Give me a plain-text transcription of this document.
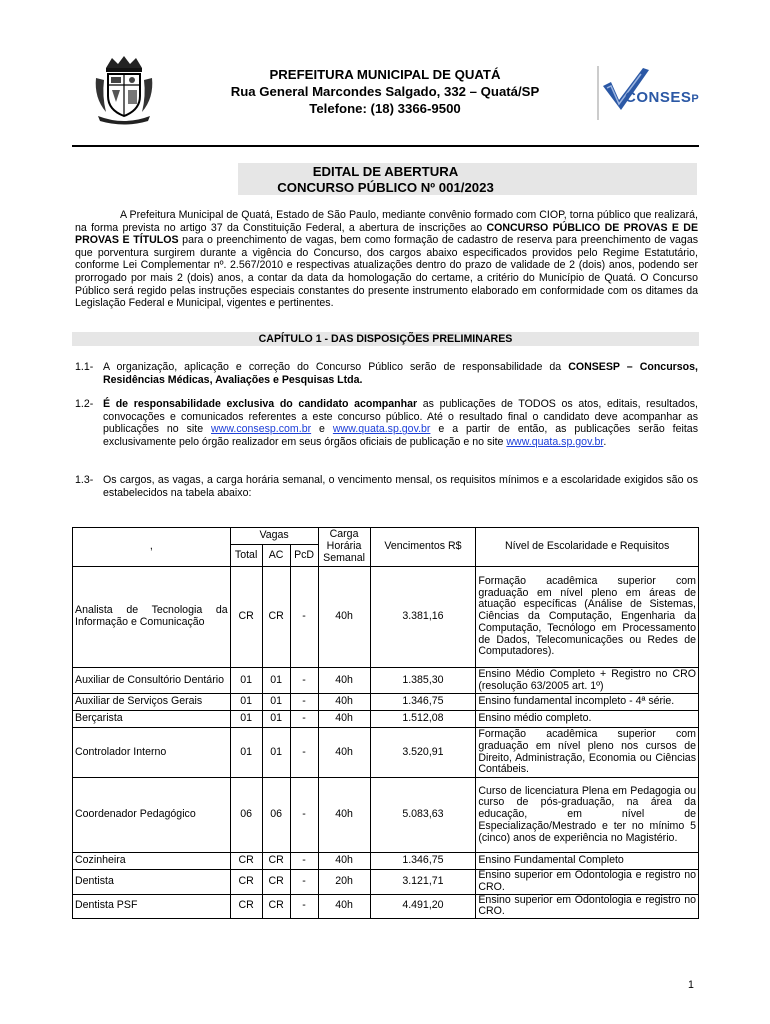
PREFEITURA MUNICIPAL DE QUATÁ
Rua General Marcondes Salgado, 332 – Quatá/SP
Telefone: (18) 3366-9500
CONSESP
EDITAL DE ABERTURA
CONCURSO PÚBLICO Nº 001/2023
A Prefeitura Municipal de Quatá, Estado de São Paulo, mediante convênio formado com CIOP, torna público que realizará, na forma prevista no artigo 37 da Constituição Federal, a abertura de inscrições ao CONCURSO PÚBLICO DE PROVAS E DE PROVAS E TÍTULOS para o preenchimento de vagas, bem como formação de cadastro de reserva para preenchimento de vagas que porventura surgirem durante a vigência do Concurso, dos cargos abaixo especificados providos pelo Regime Estatutário, conforme Lei Complementar nº. 2.567/2010 e respectivas atualizações dentro do prazo de validade de 2 (dois) anos, podendo ser prorrogado por mais 2 (dois) anos, a contar da data da homologação do certame, a critério do Município de Quatá. O Concurso Público será regido pelas instruções especiais constantes do presente instrumento elaborado em conformidade com os ditames da Legislação Federal e Municipal, vigentes e pertinentes.
CAPÍTULO 1 - DAS DISPOSIÇÕES PRELIMINARES
1.1- A organização, aplicação e correção do Concurso Público serão de responsabilidade da CONSESP – Concursos, Residências Médicas, Avaliações e Pesquisas Ltda.
1.2- É de responsabilidade exclusiva do candidato acompanhar as publicações de TODOS os atos, editais, resultados, convocações e comunicados referentes a este concurso público. Até o resultado final o candidato deve acompanhar as publicações no site www.consesp.com.br e www.quata.sp.gov.br e a partir de então, as publicações serão feitas exclusivamente pelo órgão realizador em seus órgãos oficiais de publicação e no site www.quata.sp.gov.br.
1.3- Os cargos, as vagas, a carga horária semanal, o vencimento mensal, os requisitos mínimos e a escolaridade exigidos são os estabelecidos na tabela abaixo:
,	Vagas			Carga Horária Semanal	Vencimentos R$	Nível de Escolaridade e Requisitos
	Total	AC	PcD			
Analista de Tecnologia da Informação e Comunicação	CR	CR	-	40h	3.381,16	Formação acadêmica superior com graduação em nível pleno em áreas de atuação específicas (Análise de Sistemas, Ciências da Computação, Engenharia da Computação, Tecnólogo em Processamento de Dados, Telecomunicações ou Redes de Computadores).
Auxiliar de Consultório Dentário	01	01	-	40h	1.385,30	Ensino Médio Completo + Registro no CRO (resolução 63/2005 art. 1º)
Auxiliar de Serviços Gerais	01	01	-	40h	1.346,75	Ensino fundamental incompleto - 4ª série.
Berçarista	01	01	-	40h	1.512,08	Ensino médio completo.
Controlador Interno	01	01	-	40h	3.520,91	Formação acadêmica superior com graduação em nível pleno nos cursos de Direito, Administração, Economia ou Ciências Contábeis.
Coordenador Pedagógico	06	06	-	40h	5.083,63	Curso de licenciatura Plena em Pedagogia ou curso de pós-graduação, na área da educação, em nível de Especialização/Mestrado e ter no mínimo 5 (cinco) anos de experiência no Magistério.
Cozinheira	CR	CR	-	40h	1.346,75	Ensino Fundamental Completo
Dentista	CR	CR	-	20h	3.121,71	Ensino superior em Odontologia e registro no CRO.
Dentista PSF	CR	CR	-	40h	4.491,20	Ensino superior em Odontologia e registro no CRO.
1
